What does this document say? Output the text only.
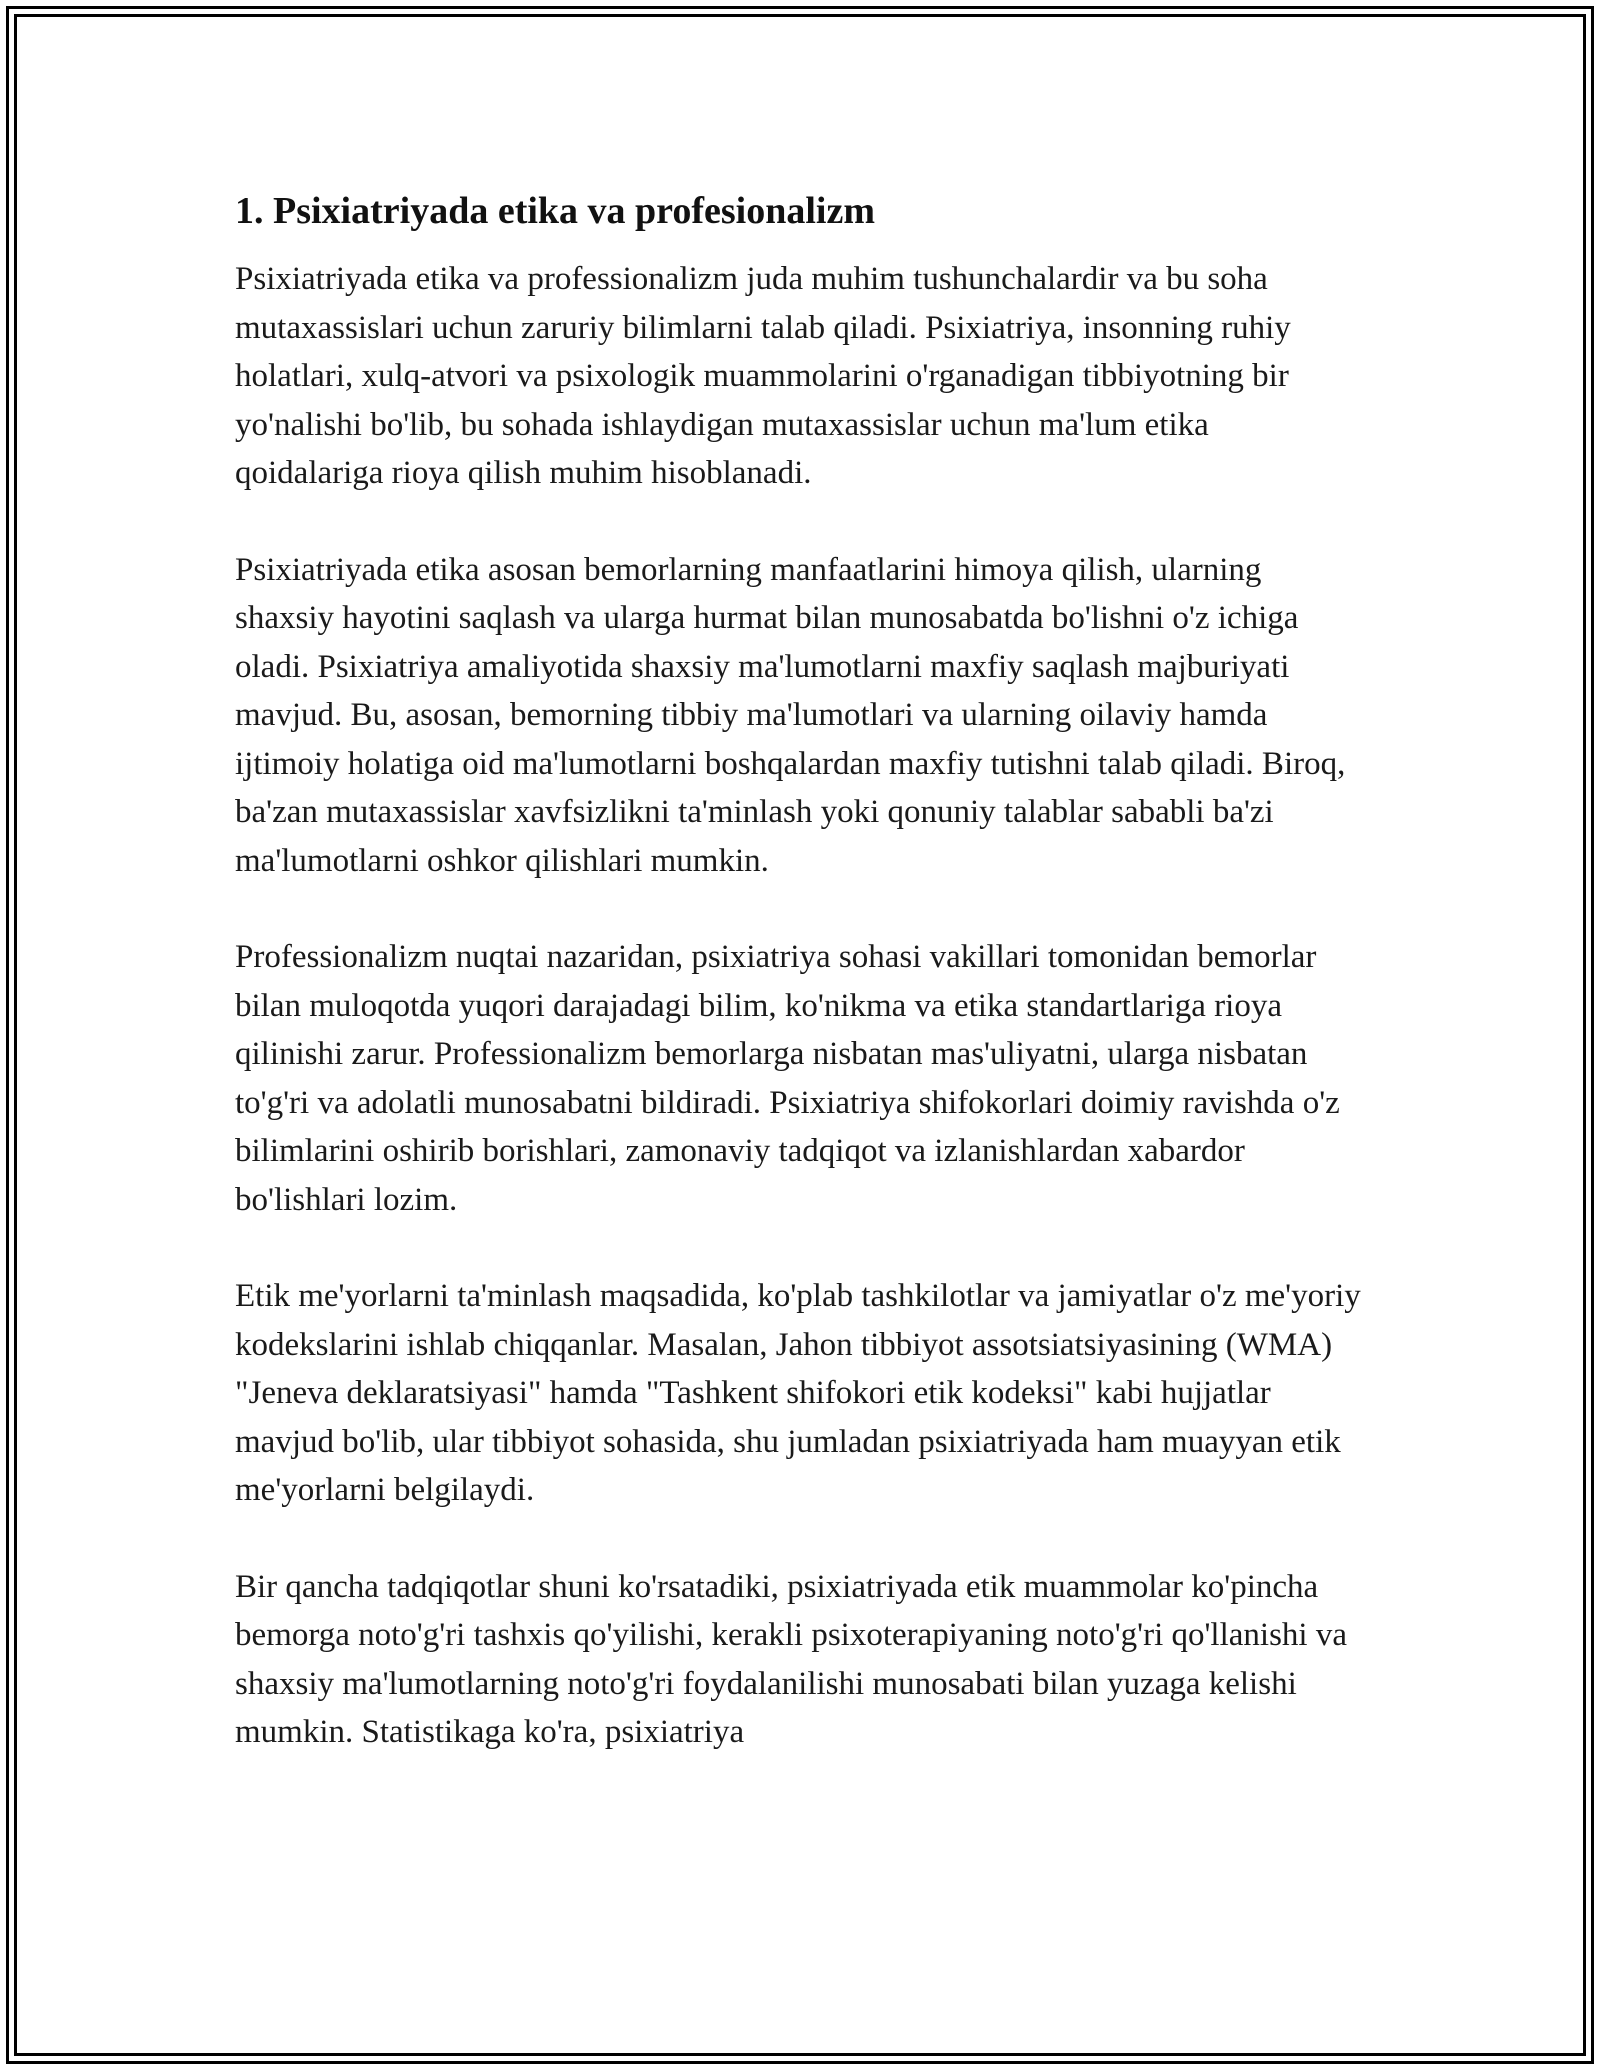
1. Psixiatriyada etika va profesionalizm

Psixiatriyada etika va professionalizm juda muhim tushunchalardir va bu soha mutaxassislari uchun zaruriy bilimlarni talab qiladi. Psixiatriya, insonning ruhiy holatlari, xulq-atvori va psixologik muammolarini o'rganadigan tibbiyotning bir yo'nalishi bo'lib, bu sohada ishlaydigan mutaxassislar uchun ma'lum etika qoidalariga rioya qilish muhim hisoblanadi.

Psixiatriyada etika asosan bemorlarning manfaatlarini himoya qilish, ularning shaxsiy hayotini saqlash va ularga hurmat bilan munosabatda bo'lishni o'z ichiga oladi. Psixiatriya amaliyotida shaxsiy ma'lumotlarni maxfiy saqlash majburiyati mavjud. Bu, asosan, bemorning tibbiy ma'lumotlari va ularning oilaviy hamda ijtimoiy holatiga oid ma'lumotlarni boshqalardan maxfiy tutishni talab qiladi. Biroq, ba'zan mutaxassislar xavfsizlikni ta'minlash yoki qonuniy talablar sababli ba'zi ma'lumotlarni oshkor qilishlari mumkin.

Professionalizm nuqtai nazaridan, psixiatriya sohasi vakillari tomonidan bemorlar bilan muloqotda yuqori darajadagi bilim, ko'nikma va etika standartlariga rioya qilinishi zarur. Professionalizm bemorlarga nisbatan mas'uliyatni, ularga nisbatan to'g'ri va adolatli munosabatni bildiradi. Psixiatriya shifokorlari doimiy ravishda o'z bilimlarini oshirib borishlari, zamonaviy tadqiqot va izlanishlardan xabardor bo'lishlari lozim.

Etik me'yorlarni ta'minlash maqsadida, ko'plab tashkilotlar va jamiyatlar o'z me'yoriy kodekslarini ishlab chiqqanlar. Masalan, Jahon tibbiyot assotsiatsiyasining (WMA) "Jeneva deklaratsiyasi" hamda "Tashkent shifokori etik kodeksi" kabi hujjatlar mavjud bo'lib, ular tibbiyot sohasida, shu jumladan psixiatriyada ham muayyan etik me'yorlarni belgilaydi.

Bir qancha tadqiqotlar shuni ko'rsatadiki, psixiatriyada etik muammolar ko'pincha bemorga noto'g'ri tashxis qo'yilishi, kerakli psixoterapiyaning noto'g'ri qo'llanishi va shaxsiy ma'lumotlarning noto'g'ri foydalanilishi munosabati bilan yuzaga kelishi mumkin. Statistikaga ko'ra, psixiatriya
